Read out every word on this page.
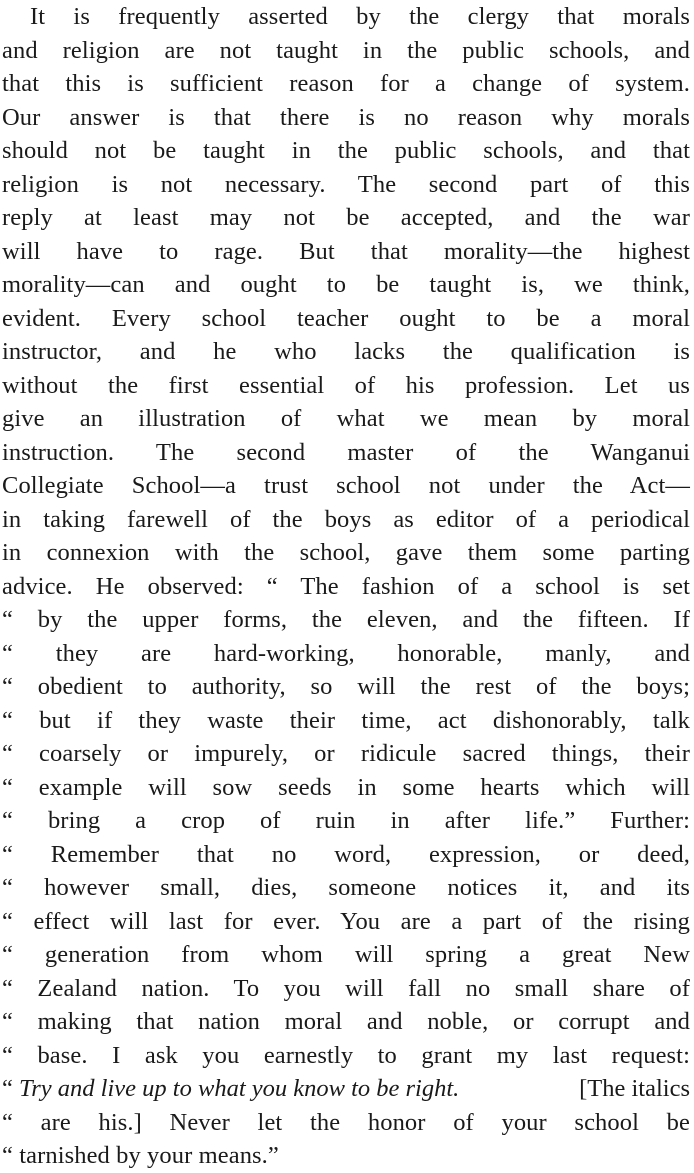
It is frequently asserted by the clergy that morals
and religion are not taught in the public schools, and
that this is sufficient reason for a change of system.
Our answer is that there is no reason why morals
should not be taught in the public schools, and that
religion is not necessary. The second part of this
reply at least may not be accepted, and the war
will have to rage. But that morality—the highest
morality—can and ought to be taught is, we think,
evident. Every school teacher ought to be a moral
instructor, and he who lacks the qualification is
without the first essential of his profession. Let us
give an illustration of what we mean by moral
instruction. The second master of the Wanganui
Collegiate School—a trust school not under the Act—
in taking farewell of the boys as editor of a periodical
in connexion with the school, gave them some parting
advice. He observed: “ The fashion of a school is set
“ by the upper forms, the eleven, and the fifteen. If
“ they are hard-working, honorable, manly, and
“ obedient to authority, so will the rest of the boys;
“ but if they waste their time, act dishonorably, talk
“ coarsely or impurely, or ridicule sacred things, their
“ example will sow seeds in some hearts which will
“ bring a crop of ruin in after life.” Further:
“ Remember that no word, expression, or deed,
“ however small, dies, someone notices it, and its
“ effect will last for ever. You are a part of the rising
“ generation from whom will spring a great New
“ Zealand nation. To you will fall no small share of
“ making that nation moral and noble, or corrupt and
“ base. I ask you earnestly to grant my last request:
“ Try and live up to what you know to be right.	[The italics
“ are his.] Never let the honor of your school be
“ tarnished by your means.”
